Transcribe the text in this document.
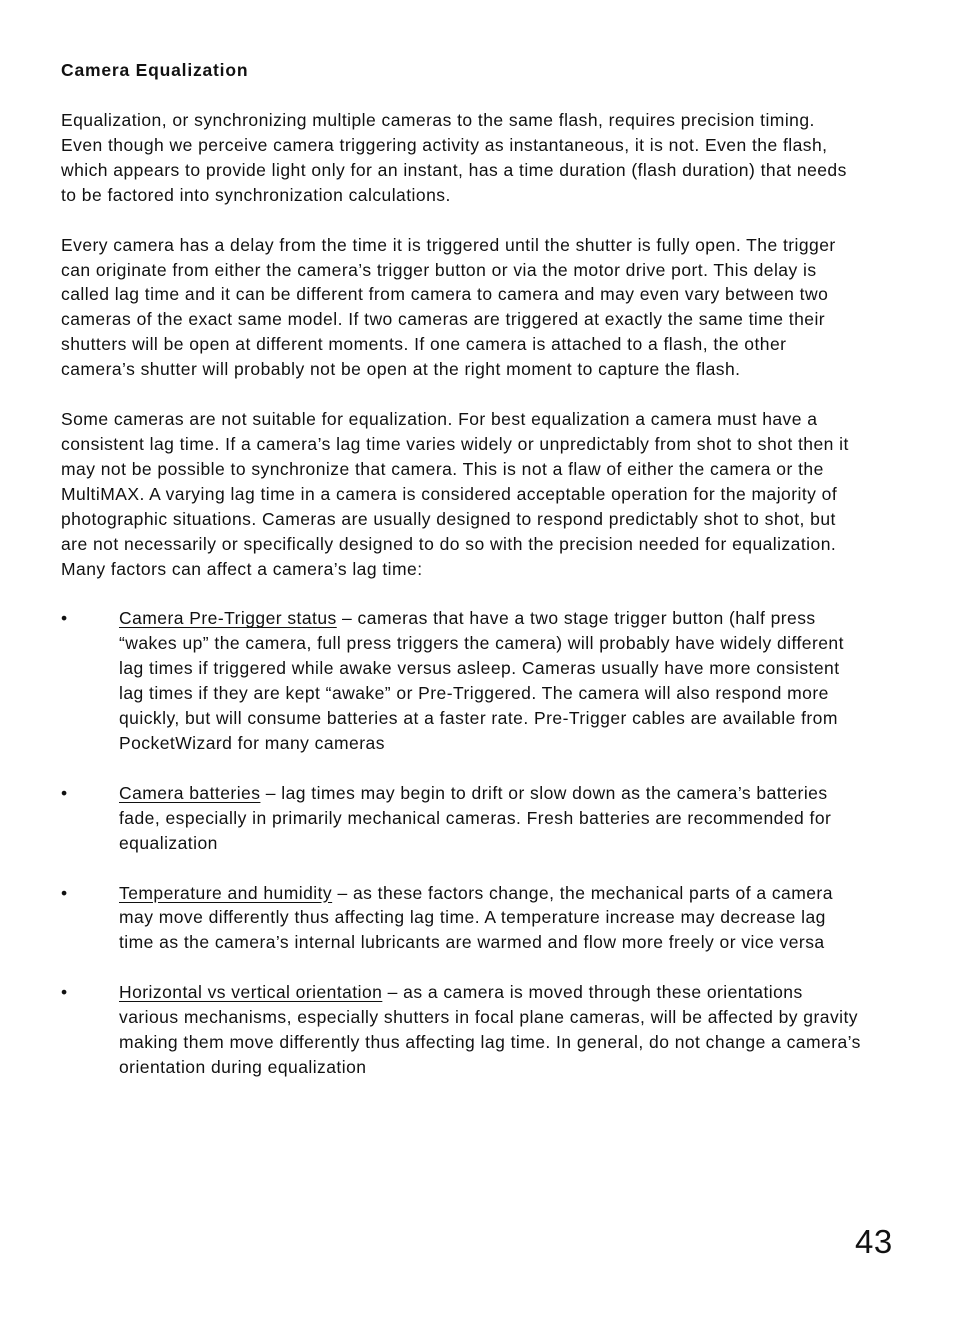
Camera Equalization

Equalization, or synchronizing multiple cameras to the same flash, requires precision timing. Even though we perceive camera triggering activity as instantaneous, it is not. Even the flash, which appears to provide light only for an instant, has a time duration (flash duration) that needs to be factored into synchronization calculations.

Every camera has a delay from the time it is triggered until the shutter is fully open. The trigger can originate from either the camera’s trigger button or via the motor drive port. This delay is called lag time and it can be different from camera to camera and may even vary between two cameras of the exact same model. If two cameras are triggered at exactly the same time their shutters will be open at different moments. If one camera is attached to a flash, the other camera’s shutter will probably not be open at the right moment to capture the flash.

Some cameras are not suitable for equalization. For best equalization a camera must have a consistent lag time. If a camera’s lag time varies widely or unpredictably from shot to shot then it may not be possible to synchronize that camera. This is not a flaw of either the camera or the MultiMAX. A varying lag time in a camera is considered acceptable operation for the majority of photographic situations. Cameras are usually designed to respond predictably shot to shot, but are not necessarily or specifically designed to do so with the precision needed for equalization. Many factors can affect a camera’s lag time:

•	Camera Pre-Trigger status – cameras that have a two stage trigger button (half press “wakes up” the camera, full press triggers the camera) will probably have widely different lag times if triggered while awake versus asleep. Cameras usually have more consistent lag times if they are kept “awake” or Pre-Triggered. The camera will also respond more quickly, but will consume batteries at a faster rate. Pre-Trigger cables are available from PocketWizard for many cameras
•	Camera batteries – lag times may begin to drift or slow down as the camera’s batteries fade, especially in primarily mechanical cameras. Fresh batteries are recommended for equalization
•	Temperature and humidity – as these factors change, the mechanical parts of a camera may move differently thus affecting lag time. A temperature increase may decrease lag time as the camera’s internal lubricants are warmed and flow more freely or vice versa
•	Horizontal vs vertical orientation – as a camera is moved through these orientations various mechanisms, especially shutters in focal plane cameras, will be affected by gravity making them move differently thus affecting lag time. In general, do not change a camera’s orientation during equalization
43
